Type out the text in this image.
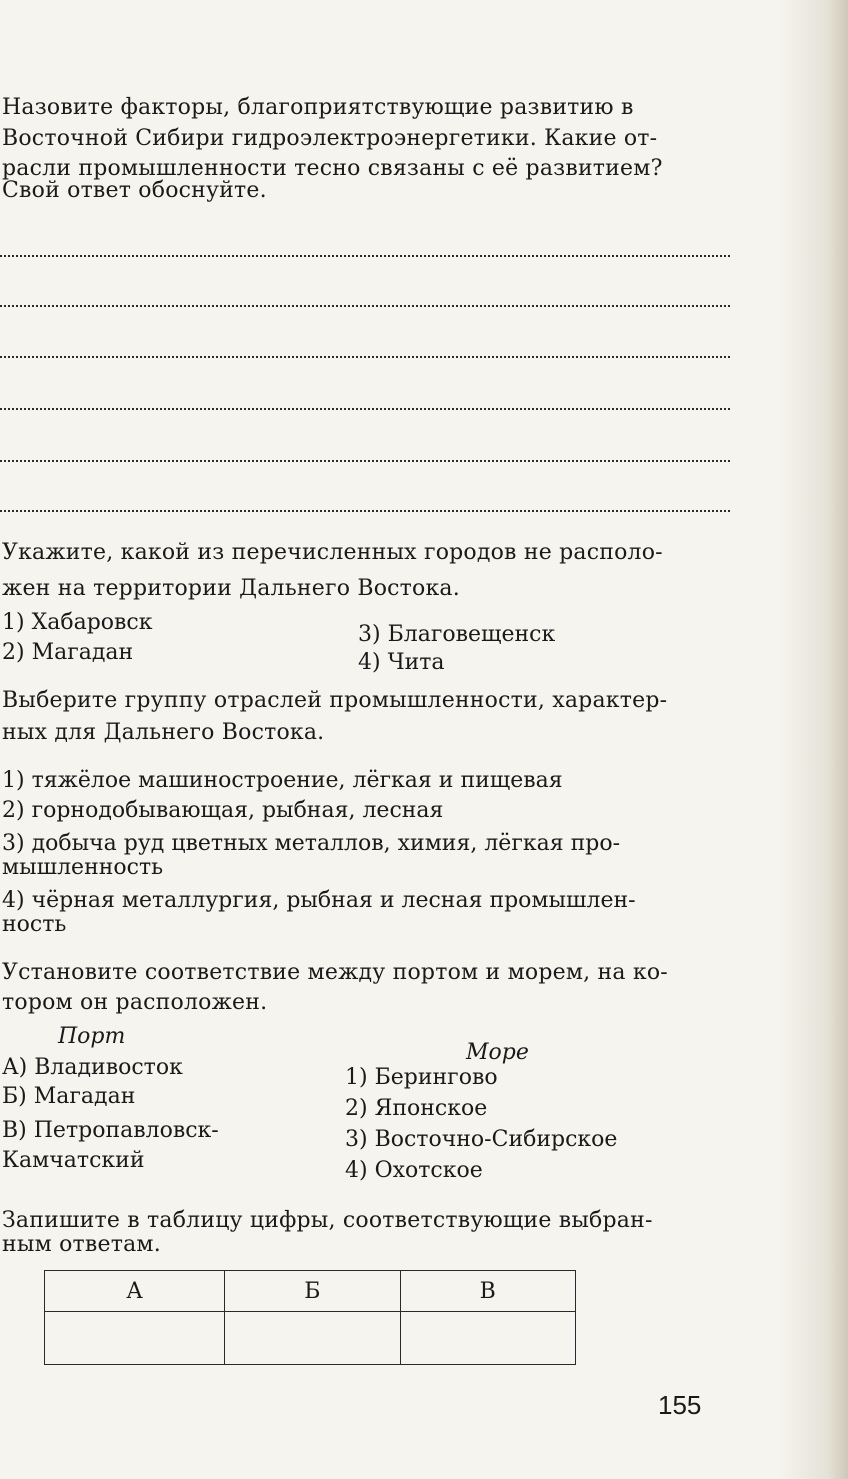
Назовите факторы, благоприятствующие развитию в
Восточной Сибири гидроэлектроэнергетики. Какие от-
расли промышленности тесно связаны с её развитием?
Свой ответ обоснуйте.
Укажите, какой из перечисленных городов не располо-
жен на территории Дальнего Востока.
1) Хабаровск
2) Магадан
3) Благовещенск
4) Чита
Выберите группу отраслей промышленности, характер-
ных для Дальнего Востока.
1) тяжёлое машиностроение, лёгкая и пищевая
2) горнодобывающая, рыбная, лесная
3) добыча руд цветных металлов, химия, лёгкая про-
мышленность
4) чёрная металлургия, рыбная и лесная промышлен-
ность
Установите соответствие между портом и морем, на ко-
тором он расположен.
Порт
Море
А) Владивосток
Б) Магадан
В) Петропавловск-
Камчатский
1) Берингово
2) Японское
3) Восточно-Сибирское
4) Охотское
Запишите в таблицу цифры, соответствующие выбран-
ным ответам.
А	Б	В

155
